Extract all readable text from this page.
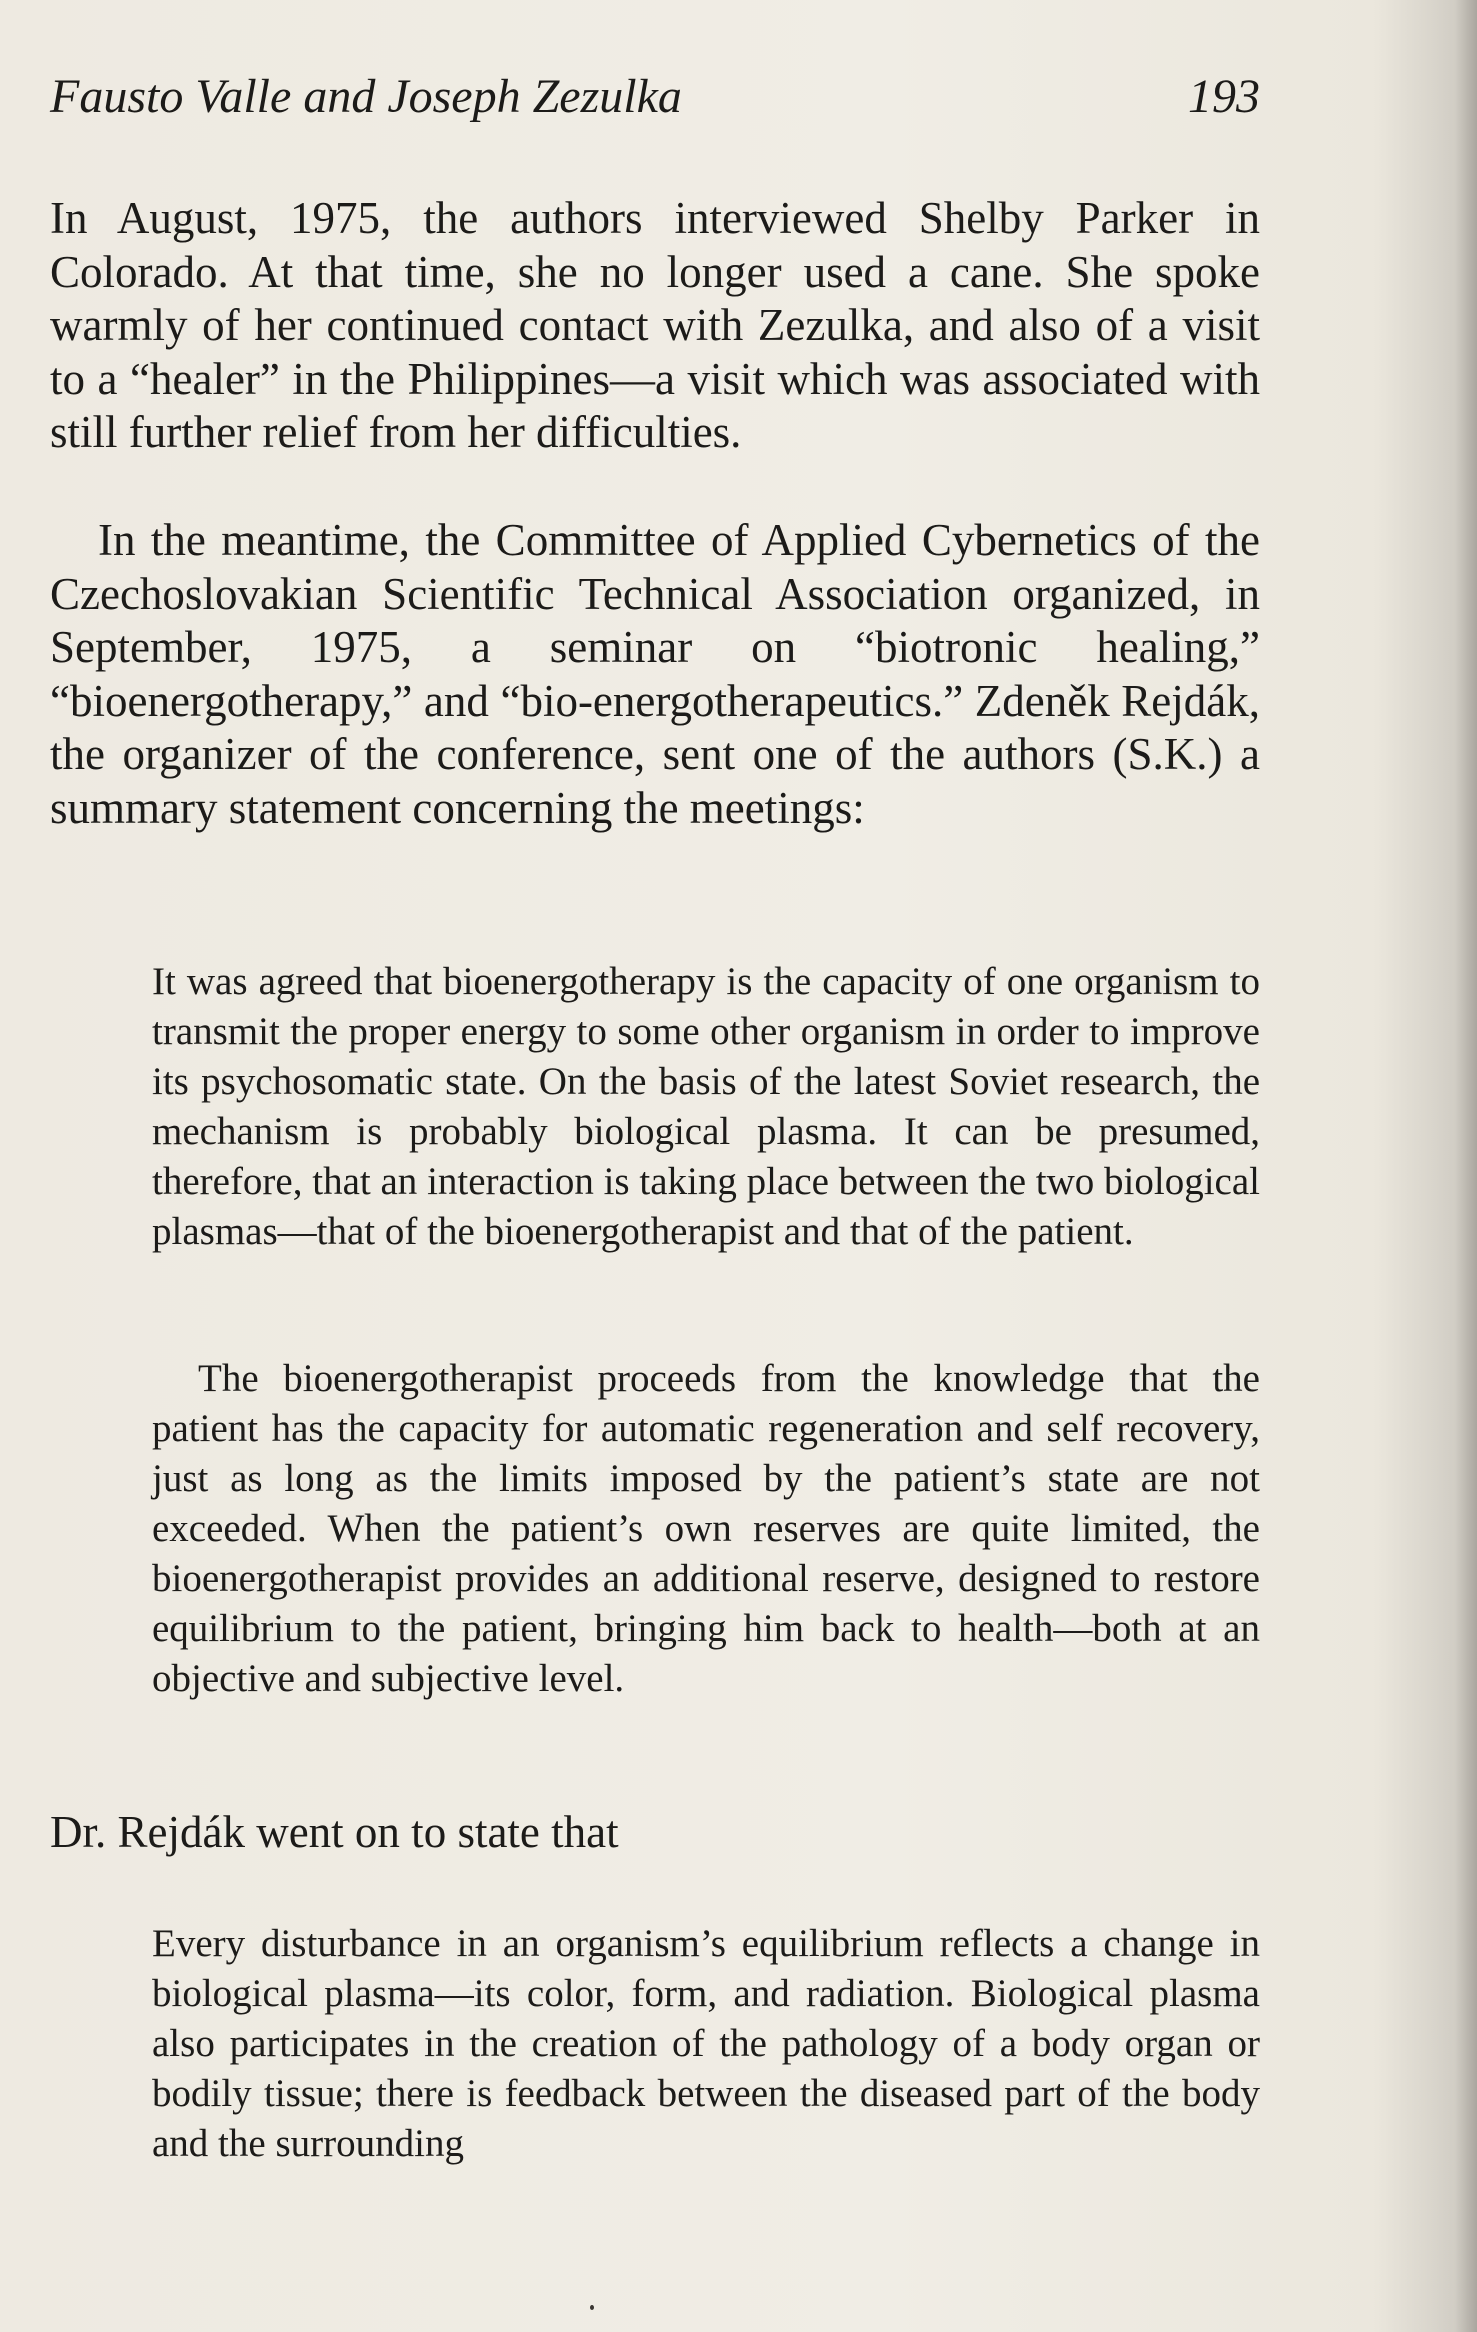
Fausto Valle and Joseph Zezulka	193

In August, 1975, the authors interviewed Shelby Parker in Colorado. At that time, she no longer used a cane. She spoke warmly of her continued contact with Zezulka, and also of a visit to a “healer” in the Philippines—a visit which was associated with still further relief from her difficulties.

In the meantime, the Committee of Applied Cybernetics of the Czechoslovakian Scientific Technical Association organized, in September, 1975, a seminar on “biotronic healing,” “bioenergotherapy,” and “bio-energotherapeutics.” Zdeněk Rejdák, the organizer of the conference, sent one of the authors (S.K.) a summary statement concerning the meetings:

It was agreed that bioenergotherapy is the capacity of one organism to transmit the proper energy to some other organism in order to improve its psychosomatic state. On the basis of the latest Soviet research, the mechanism is probably biological plasma. It can be presumed, therefore, that an interaction is taking place between the two biological plasmas—that of the bioenergotherapist and that of the patient.

The bioenergotherapist proceeds from the knowledge that the patient has the capacity for automatic regeneration and self recovery, just as long as the limits imposed by the patient’s state are not exceeded. When the patient’s own reserves are quite limited, the bioenergotherapist provides an additional reserve, designed to restore equilibrium to the patient, bringing him back to health—both at an objective and subjective level.

Dr. Rejdák went on to state that

Every disturbance in an organism’s equilibrium reflects a change in biological plasma—its color, form, and radiation. Biological plasma also participates in the creation of the pathology of a body organ or bodily tissue; there is feedback between the diseased part of the body and the surrounding
